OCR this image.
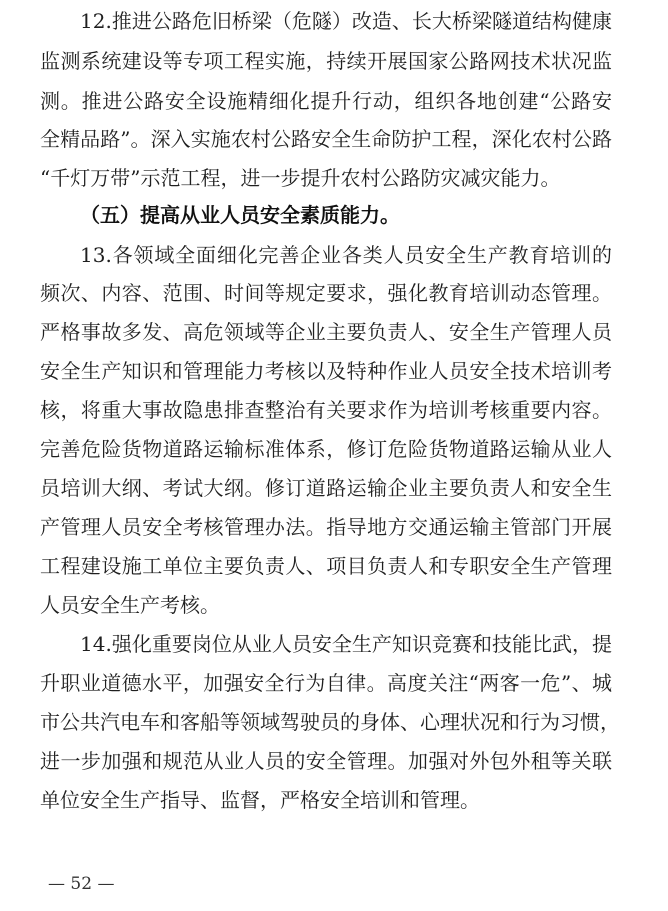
12.推进公路危旧桥梁（危隧）改造、长大桥梁隧道结构健康
监测系统建设等专项工程实施，持续开展国家公路网技术状况监
测。推进公路安全设施精细化提升行动，组织各地创建“公路安
全精品路”。深入实施农村公路安全生命防护工程，深化农村公路
“千灯万带”示范工程，进一步提升农村公路防灾减灾能力。
（五）提高从业人员安全素质能力。
13.各领域全面细化完善企业各类人员安全生产教育培训的
频次、内容、范围、时间等规定要求，强化教育培训动态管理。
严格事故多发、高危领域等企业主要负责人、安全生产管理人员
安全生产知识和管理能力考核以及特种作业人员安全技术培训考
核，将重大事故隐患排查整治有关要求作为培训考核重要内容。
完善危险货物道路运输标准体系，修订危险货物道路运输从业人
员培训大纲、考试大纲。修订道路运输企业主要负责人和安全生
产管理人员安全考核管理办法。指导地方交通运输主管部门开展
工程建设施工单位主要负责人、项目负责人和专职安全生产管理
人员安全生产考核。
14.强化重要岗位从业人员安全生产知识竞赛和技能比武，提
升职业道德水平，加强安全行为自律。高度关注“两客一危”、城
市公共汽电车和客船等领域驾驶员的身体、心理状况和行为习惯，
进一步加强和规范从业人员的安全管理。加强对外包外租等关联
单位安全生产指导、监督，严格安全培训和管理。
— 52 —
